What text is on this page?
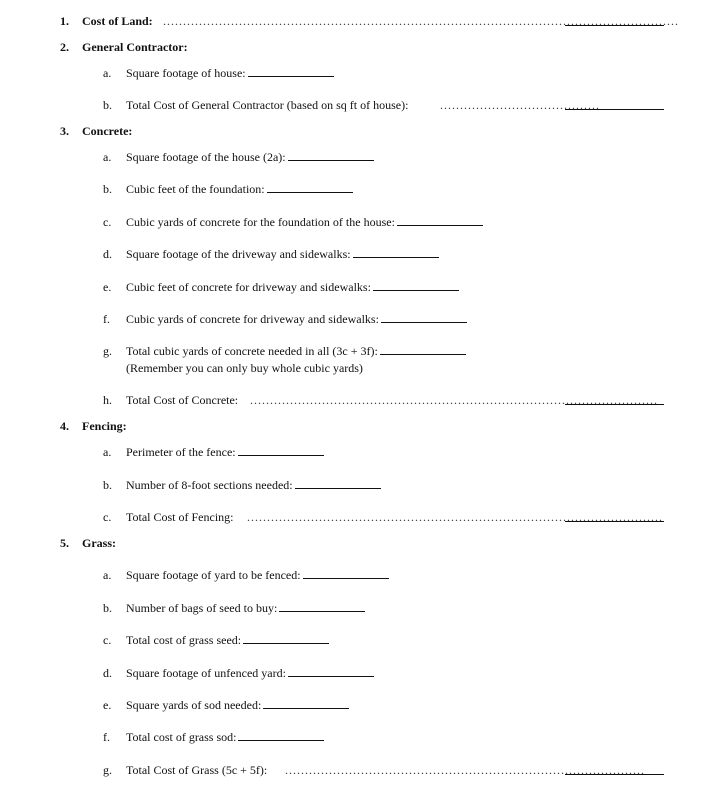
1. Cost of Land: .................................................................................................................................
2. General Contractor:
a. Square footage of house:
b. Total Cost of General Contractor (based on sq ft of house):	........................................
3. Concrete:
a. Square footage of the house (2a):
b. Cubic feet of the foundation:
c. Cubic yards of concrete for the foundation of the house:
d. Square footage of the driveway and sidewalks:
e. Cubic feet of concrete for driveway and sidewalks:
f. Cubic yards of concrete for driveway and sidewalks:
g. Total cubic yards of concrete needed in all (3c + 3f):
(Remember you can only buy whole cubic yards)
h. Total Cost of Concrete: ......................................................................................................
4. Fencing:
a. Perimeter of the fence:
b. Number of 8-foot sections needed:
c. Total Cost of Fencing: ........................................................................................................
5. Grass:
a. Square footage of yard to be fenced:
b. Number of bags of seed to buy:
c. Total cost of grass seed:
d. Square footage of unfenced yard:
e. Square yards of sod needed:
f. Total cost of grass sod:
g. Total Cost of Grass (5c + 5f): ..........................................................................................
